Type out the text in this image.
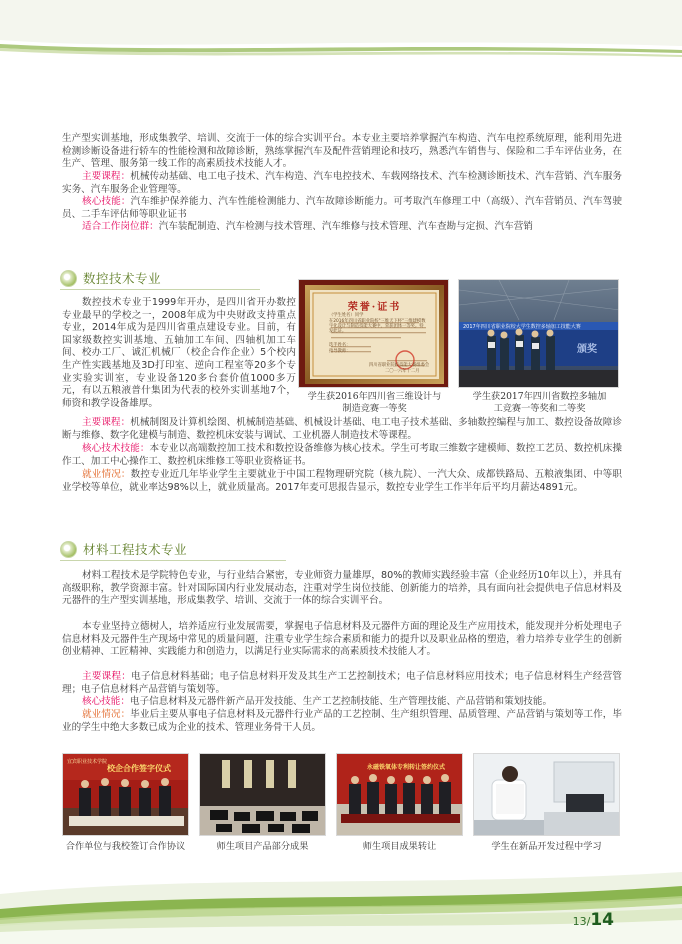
生产型实训基地，形成集教学、培训、交流于一体的综合实训平台。本专业主要培养掌握汽车构造、汽车电控系统原理，能利用先进检测诊断设备进行轿车的性能检测和故障诊断，熟练掌握汽车及配件营销理论和技巧，熟悉汽车销售与、保险和二手车评估业务，在生产、管理、服务第一线工作的高素质技术技能人才。
主要课程：机械传动基础、电工电子技术、汽车构造、汽车电控技术、车载网络技术、汽车检测诊断技术、汽车营销、汽车服务实务、汽车服务企业管理等。
核心技能：汽车维护保养能力、汽车性能检测能力、汽车故障诊断能力。可考取汽车修理工中（高级）、汽车营销员、汽车驾驶员、二手车评估师等职业证书
适合工作岗位群：汽车装配制造、汽车检测与技术管理、汽车维修与技术管理、汽车查勘与定损、汽车营销
数控技术专业
数控技术专业于1999年开办，是四川省开办数控专业最早的学校之一，2008年成为中央财政支持重点专业，2014年成为是四川省重点建设专业。目前，有国家级数控实训基地、五轴加工车间、四轴机加工车间、校办工厂、诚汇机械厂（校企合作企业）5个校内生产性实践基地及3D打印室、逆向工程室等20多个专业实验实训室，专业设备120多台套价值1000多万元，有以五粮液普什集团为代表的校外实训基地7个，师资和教学设备雄厚。
荣誉·证书
（学生姓名）同学
在2016年四川省职业院校"三维天下杯"三维建模数字化设计与制造技能大赛中，荣获团体一等奖。特发此证。
选手姓名：
指导教师：
四川省职业院校技能大赛组委会
二〇一六年十二月
学生获2016年四川省三维设计与制造竞赛一等奖
2017年四川省职业院校大学生数控多轴加工技能大赛
颁奖
学生获2017年四川省数控多轴加工竞赛一等奖和二等奖
主要课程：机械制图及计算机绘图、机械制造基础、机械设计基础、电工电子技术基础、多轴数控编程与加工、数控设备故障诊断与维修、数字化建模与制造、数控机床安装与调试、工业机器人制造技术等课程。
核心技术技能：本专业以高端数控加工技术和数控设备维修为核心技术。学生可考取三维数字建模师、数控工艺员、数控机床操作工、加工中心操作工、数控机床维修工等职业资格证书。
就业情况：数控专业近几年毕业学生主要就业于中国工程物理研究院（核九院）、一汽大众、成都铁路局、五粮液集团、中等职业学校等单位，就业率达98%以上，就业质量高。2017年麦可思报告显示，数控专业学生工作半年后平均月薪达4891元。
材料工程技术专业
材料工程技术是学院特色专业，与行业结合紧密，专业师资力量雄厚，80%的教师实践经验丰富（企业经历10年以上），并具有高级职称，教学资源丰富。针对国际国内行业发展动态，注重对学生岗位技能、创新能力的培养，具有面向社会提供电子信息材料及元器件的生产型实训基地，形成集教学、培训、交流于一体的综合实训平台。
本专业坚持立德树人，培养适应行业发展需要，掌握电子信息材料及元器件方面的理论及生产应用技术，能发现并分析处理电子信息材料及元器件生产现场中常见的质量问题，注重专业学生综合素质和能力的提升以及职业品格的塑造，着力培养专业学生的创新创业精神、工匠精神、实践能力和创造力，以满足行业实际需求的高素质技术技能人才。
主要课程：电子信息材料基础；电子信息材料开发及其生产工艺控制技术；电子信息材料应用技术；电子信息材料生产经营管理；电子信息材料产品营销与策划等。
核心技能：电子信息材料及元器件新产品开发技能、生产工艺控制技能、生产管理技能、产品营销和策划技能。
就业情况：毕业后主要从事电子信息材料及元器件行业产品的工艺控制、生产组织管理、品质管理、产品营销与策划等工作，毕业的学生中绝大多数已成为企业的技术、管理业务骨干人员。
宜宾职业技术学院
校企合作签字仪式
合作单位与我校签订合作协议	师生项目产品部分成果
永磁铁氧体专利转让签约仪式
师生项目成果转让	学生在新品开发过程中学习
13/14
